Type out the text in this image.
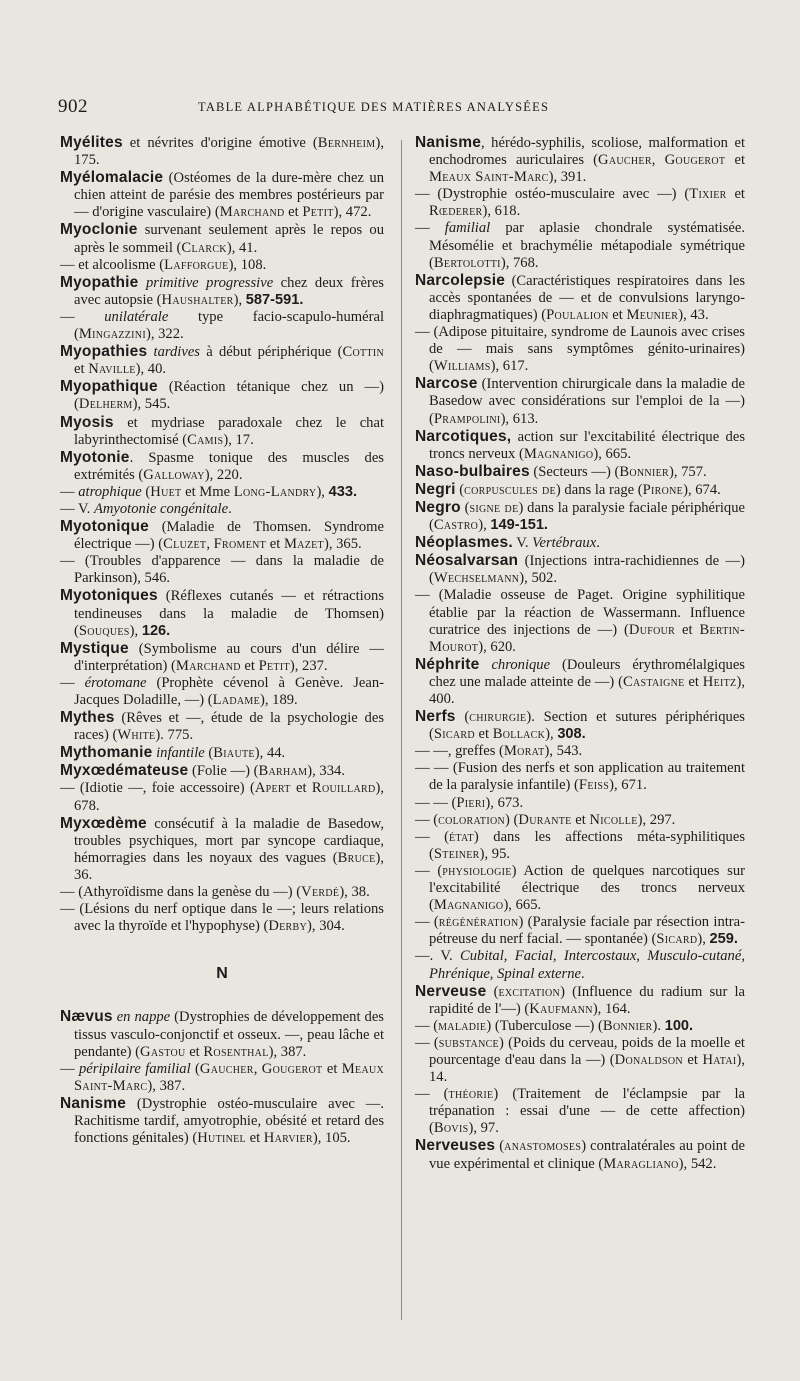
902	TABLE ALPHABÉTIQUE DES MATIÈRES ANALYSÉES

Myélites et névrites d'origine émotive (Bernheim), 175.

Myélomalacie (Ostéomes de la dure-mère chez un chien atteint de parésie des membres postérieurs par — d'origine vasculaire) (Marchand et Petit), 472.

Myoclonie survenant seulement après le repos ou après le sommeil (Clarck), 41.

— et alcoolisme (Lafforgue), 108.

Myopathie primitive progressive chez deux frères avec autopsie (Haushalter), 587-591.

— unilatérale type facio-scapulo-huméral (Mingazzini), 322.

Myopathies tardives à début périphérique (Cottin et Naville), 40.

Myopathique (Réaction tétanique chez un —) (Delherm), 545.

Myosis et mydriase paradoxale chez le chat labyrinthectomisé (Camis), 17.

Myotonie. Spasme tonique des muscles des extrémités (Galloway), 220.

— atrophique (Huet et Mme Long-Landry), 433.

— V. Amyotonie congénitale.

Myotonique (Maladie de Thomsen. Syndrome électrique —) (Cluzet, Froment et Mazet), 365.

— (Troubles d'apparence — dans la maladie de Parkinson), 546.

Myotoniques (Réflexes cutanés — et rétractions tendineuses dans la maladie de Thomsen) (Souques), 126.

Mystique (Symbolisme au cours d'un délire — d'interprétation) (Marchand et Petit), 237.

— érotomane (Prophète cévenol à Genève. Jean-Jacques Doladille, —) (Ladame), 189.

Mythes (Rêves et —, étude de la psychologie des races) (White). 775.

Mythomanie infantile (Biaute), 44.

Myxœdémateuse (Folie —) (Barham), 334.

— (Idiotie —, foie accessoire) (Apert et Rouillard), 678.

Myxœdème consécutif à la maladie de Basedow, troubles psychiques, mort par syncope cardiaque, hémorragies dans les noyaux des vagues (Bruce), 36.

— (Athyroïdisme dans la genèse du —) (Verdé), 38.

— (Lésions du nerf optique dans le —; leurs relations avec la thyroïde et l'hypophyse) (Derby), 304.

N

Nævus en nappe (Dystrophies de développement des tissus vasculo-conjonctif et osseux. —, peau lâche et pendante) (Gastou et Rosenthal), 387.

— péripilaire familial (Gaucher, Gougerot et Meaux Saint-Marc), 387.

Nanisme (Dystrophie ostéo-musculaire avec —. Rachitisme tardif, amyotrophie, obésité et retard des fonctions génitales) (Hutinel et Harvier), 105.

Nanisme, hérédo-syphilis, scoliose, malformation et enchodromes auriculaires (Gaucher, Gougerot et Meaux Saint-Marc), 391.

— (Dystrophie ostéo-musculaire avec —) (Tixier et Rœderer), 618.

— familial par aplasie chondrale systématisée. Mésomélie et brachymélie métapodiale symétrique (Bertolotti), 768.

Narcolepsie (Caractéristiques respiratoires dans les accès spontanées de — et de convulsions laryngo-diaphragmatiques) (Poulalion et Meunier), 43.

— (Adipose pituitaire, syndrome de Launois avec crises de — mais sans symptômes génito-urinaires) (Williams), 617.

Narcose (Intervention chirurgicale dans la maladie de Basedow avec considérations sur l'emploi de la —) (Prampolini), 613.

Narcotiques, action sur l'excitabilité électrique des troncs nerveux (Magnanigo), 665.

Naso-bulbaires (Secteurs —) (Bonnier), 757.

Negri (corpuscules de) dans la rage (Pirone), 674.

Negro (signe de) dans la paralysie faciale périphérique (Castro), 149-151.

Néoplasmes. V. Vertébraux.

Néosalvarsan (Injections intra-rachidiennes de —) (Wechselmann), 502.

— (Maladie osseuse de Paget. Origine syphilitique établie par la réaction de Wassermann. Influence curatrice des injections de —) (Dufour et Bertin-Mourot), 620.

Néphrite chronique (Douleurs érythromélalgiques chez une malade atteinte de —) (Castaigne et Heitz), 400.

Nerfs (chirurgie). Section et sutures périphériques (Sicard et Bollack), 308.

— —, greffes (Morat), 543.

— — (Fusion des nerfs et son application au traitement de la paralysie infantile) (Feiss), 671.

— — (Pieri), 673.

— (coloration) (Durante et Nicolle), 297.

— (état) dans les affections méta-syphilitiques (Steiner), 95.

— (physiologie) Action de quelques narcotiques sur l'excitabilité électrique des troncs nerveux (Magnanigo), 665.

— (régénération) (Paralysie faciale par résection intra-pétreuse du nerf facial. — spontanée) (Sicard), 259.

—. V. Cubital, Facial, Intercostaux, Musculo-cutané, Phrénique, Spinal externe.

Nerveuse (excitation) (Influence du radium sur la rapidité de l'—) (Kaufmann), 164.

— (maladie) (Tuberculose —) (Bonnier). 100.

— (substance) (Poids du cerveau, poids de la moelle et pourcentage d'eau dans la —) (Donaldson et Hatai), 14.

— (théorie) (Traitement de l'éclampsie par la trépanation : essai d'une — de cette affection) (Bovis), 97.

Nerveuses (anastomoses) contralatérales au point de vue expérimental et clinique (Maragliano), 542.
